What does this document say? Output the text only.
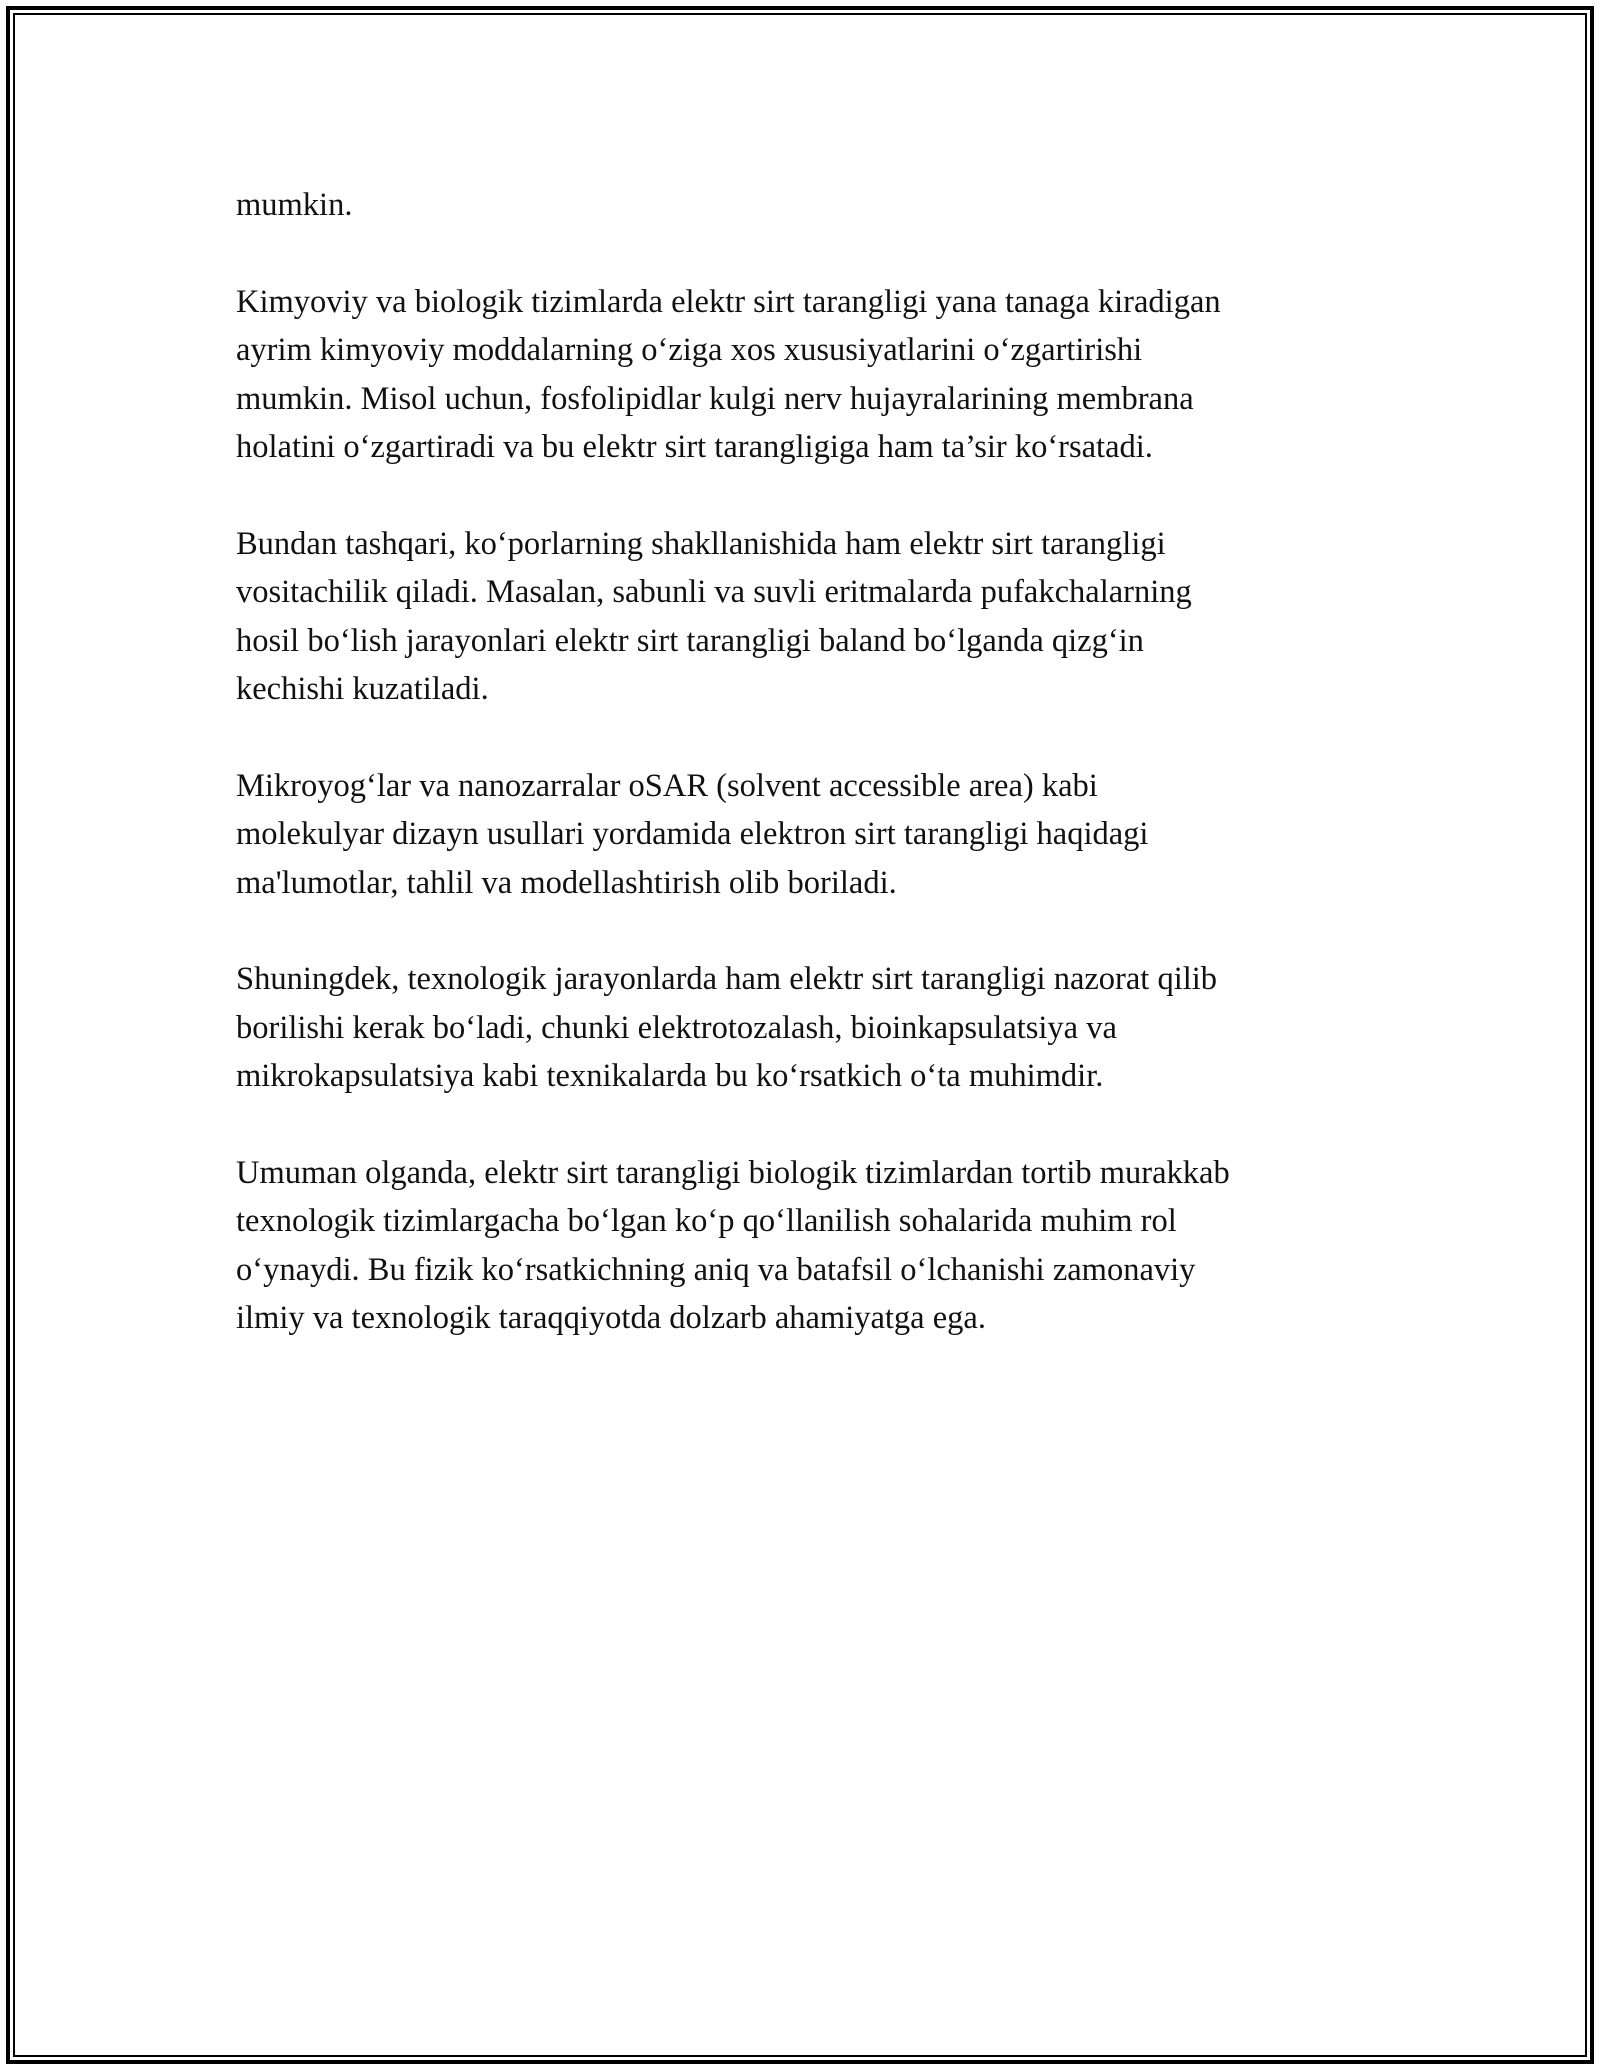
mumkin.

Kimyoviy va biologik tizimlarda elektr sirt tarangligi yana tanaga kiradigan
ayrim kimyoviy moddalarning o‘ziga xos xususiyatlarini o‘zgartirishi
mumkin. Misol uchun, fosfolipidlar kulgi nerv hujayralarining membrana
holatini o‘zgartiradi va bu elektr sirt tarangligiga ham ta’sir ko‘rsatadi.

Bundan tashqari, ko‘porlarning shakllanishida ham elektr sirt tarangligi
vositachilik qiladi. Masalan, sabunli va suvli eritmalarda pufakchalarning
hosil bo‘lish jarayonlari elektr sirt tarangligi baland bo‘lganda qizg‘in
kechishi kuzatiladi.

Mikroyog‘lar va nanozarralar oSAR (solvent accessible area) kabi
molekulyar dizayn usullari yordamida elektron sirt tarangligi haqidagi
ma'lumotlar, tahlil va modellashtirish olib boriladi.

Shuningdek, texnologik jarayonlarda ham elektr sirt tarangligi nazorat qilib
borilishi kerak bo‘ladi, chunki elektrotozalash, bioinkapsulatsiya va
mikrokapsulatsiya kabi texnikalarda bu ko‘rsatkich o‘ta muhimdir.

Umuman olganda, elektr sirt tarangligi biologik tizimlardan tortib murakkab
texnologik tizimlargacha bo‘lgan ko‘p qo‘llanilish sohalarida muhim rol
o‘ynaydi. Bu fizik ko‘rsatkichning aniq va batafsil o‘lchanishi zamonaviy
ilmiy va texnologik taraqqiyotda dolzarb ahamiyatga ega.
